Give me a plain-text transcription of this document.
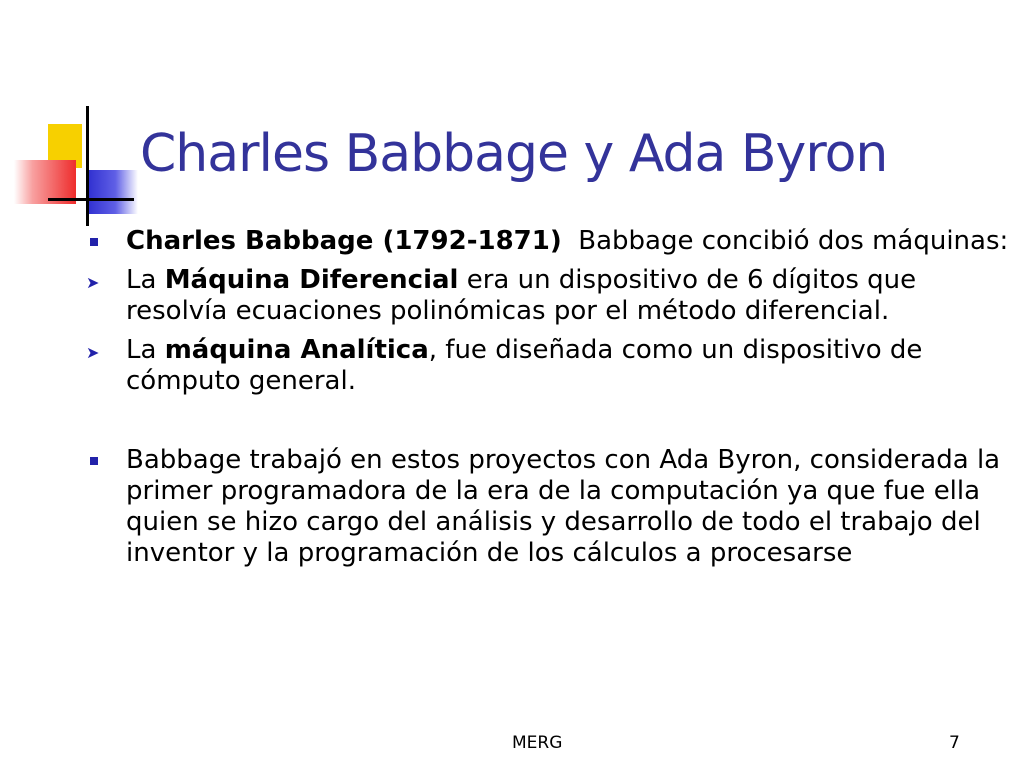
Charles Babbage y Ada Byron
Charles Babbage (1792-1871)  Babbage concibió dos máquinas:
➤ La Máquina Diferencial era un dispositivo de 6 dígitos que resolvía ecuaciones polinómicas por el método diferencial.
➤ La máquina Analítica, fue diseñada como un dispositivo de cómputo general.
Babbage trabajó en estos proyectos con Ada Byron, considerada la primer programadora de la era de la computación ya que fue ella quien se hizo cargo del análisis y desarrollo de todo el trabajo del inventor y la programación de los cálculos a procesarse
MERG	7
